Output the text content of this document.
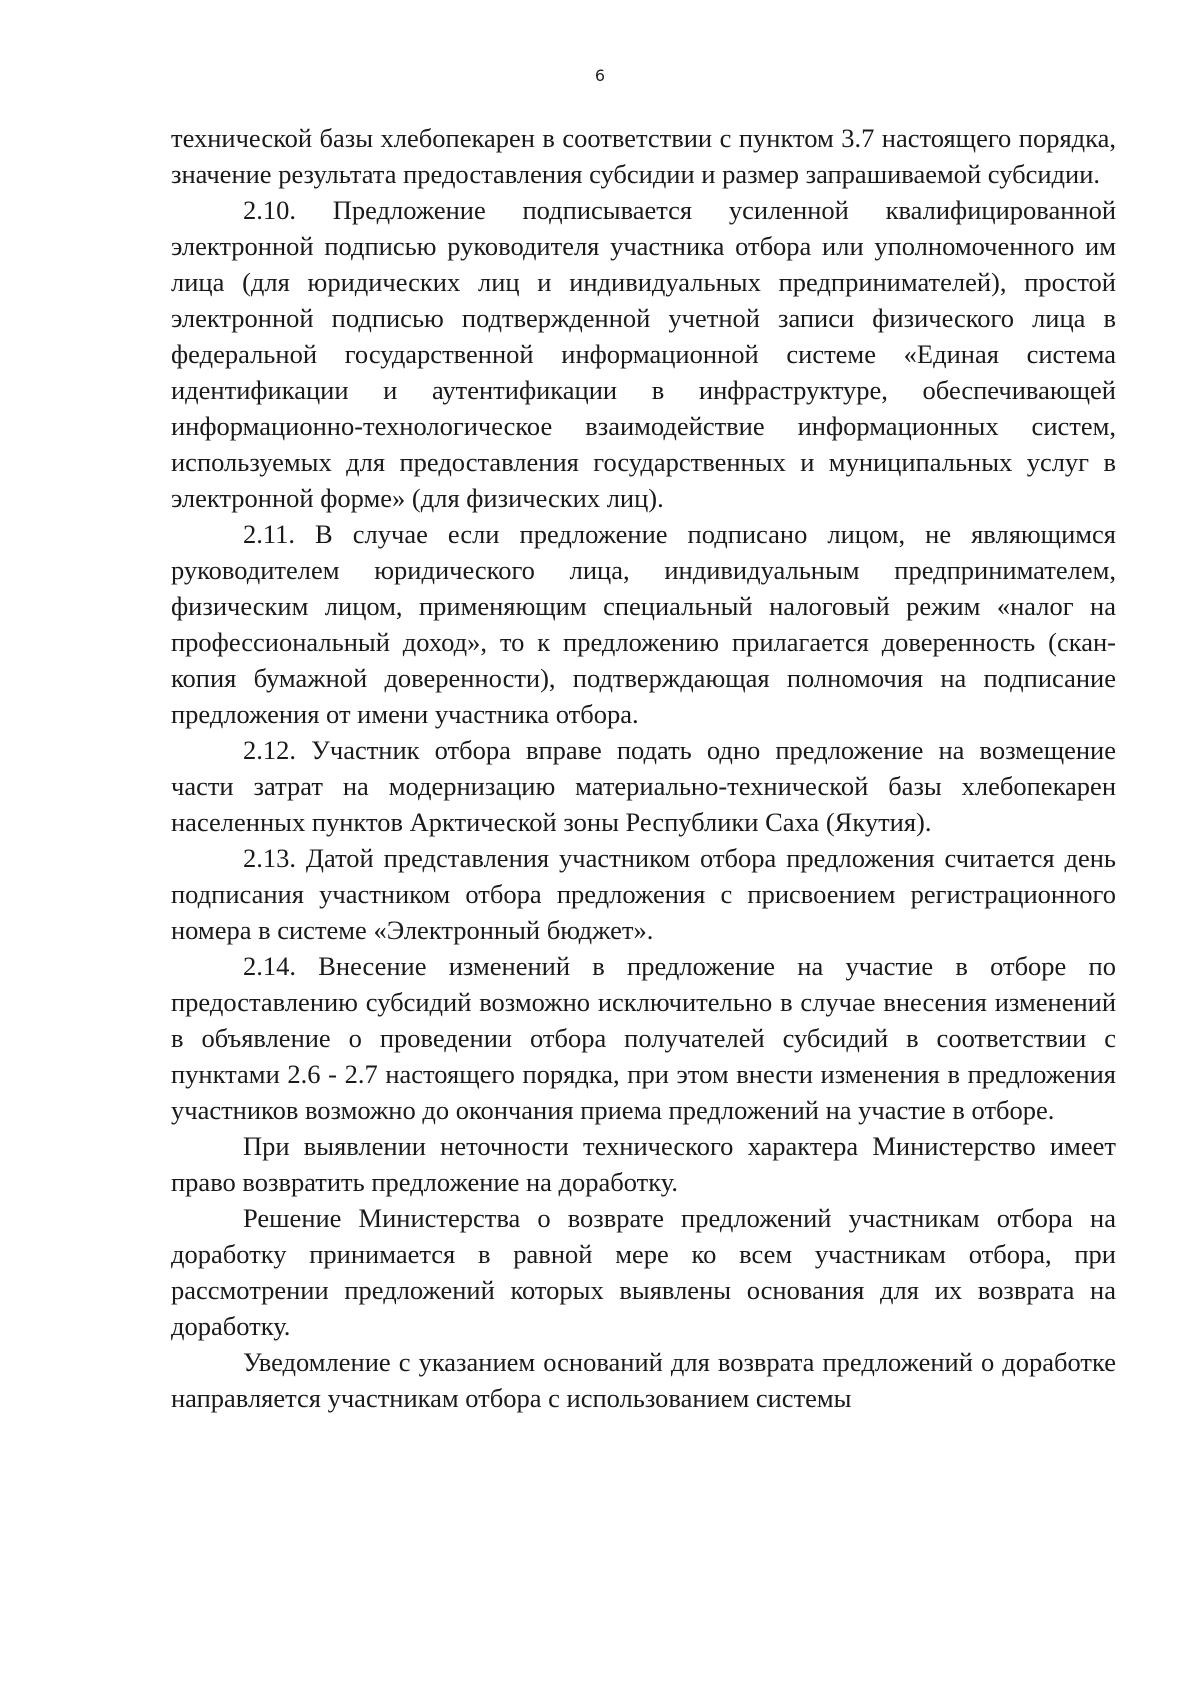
6

технической базы хлебопекарен в соответствии с пунктом 3.7 настоящего порядка, значение результата предоставления субсидии и размер запрашиваемой субсидии.

2.10. Предложение подписывается усиленной квалифицированной электронной подписью руководителя участника отбора или уполномоченного им лица (для юридических лиц и индивидуальных предпринимателей), простой электронной подписью подтвержденной учетной записи физического лица в федеральной государственной информационной системе «Единая система идентификации и аутентификации в инфраструктуре, обеспечивающей информационно-технологическое взаимодействие информационных систем, используемых для предоставления государственных и муниципальных услуг в электронной форме» (для физических лиц).

2.11. В случае если предложение подписано лицом, не являющимся руководителем юридического лица, индивидуальным предпринимателем, физическим лицом, применяющим специальный налоговый режим «налог на профессиональный доход», то к предложению прилагается доверенность (скан-копия бумажной доверенности), подтверждающая полномочия на подписание предложения от имени участника отбора.

2.12. Участник отбора вправе подать одно предложение на возмещение части затрат на модернизацию материально-технической базы хлебопекарен населенных пунктов Арктической зоны Республики Саха (Якутия).

2.13. Датой представления участником отбора предложения считается день подписания участником отбора предложения с присвоением регистрационного номера в системе «Электронный бюджет».

2.14. Внесение изменений в предложение на участие в отборе по предоставлению субсидий возможно исключительно в случае внесения изменений в объявление о проведении отбора получателей субсидий в соответствии с пунктами 2.6 - 2.7 настоящего порядка, при этом внести изменения в предложения участников возможно до окончания приема предложений на участие в отборе.

При выявлении неточности технического характера Министерство имеет право возвратить предложение на доработку.

Решение Министерства о возврате предложений участникам отбора на доработку принимается в равной мере ко всем участникам отбора, при рассмотрении предложений которых выявлены основания для их возврата на доработку.

Уведомление с указанием оснований для возврата предложений о доработке направляется участникам отбора с использованием системы
